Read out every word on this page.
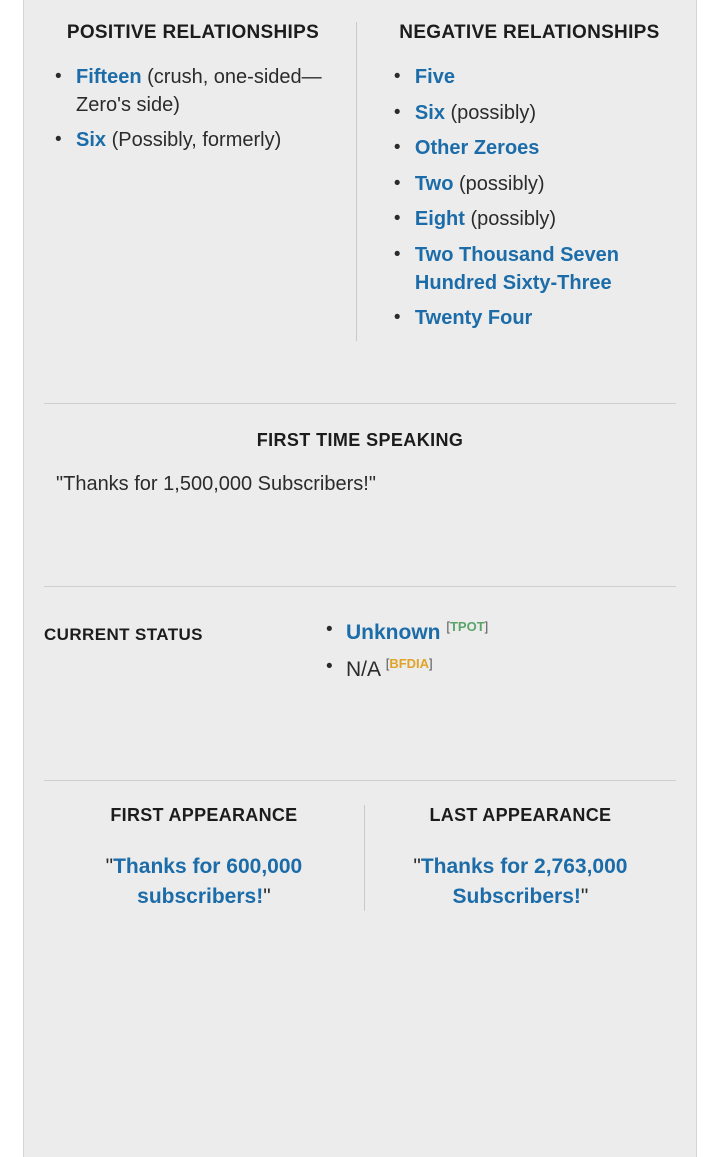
POSITIVE RELATIONSHIPS
• Fifteen (crush, one-sided—Zero's side)
• Six (Possibly, formerly)
NEGATIVE RELATIONSHIPS
• Five
• Six (possibly)
• Other Zeroes
• Two (possibly)
• Eight (possibly)
• Two Thousand Seven Hundred Sixty-Three
• Twenty Four
FIRST TIME SPEAKING
"Thanks for 1,500,000 Subscribers!"
CURRENT STATUS	• Unknown [TPOT]
• N/A [BFDIA]
FIRST APPEARANCE
"Thanks for 600,000 subscribers!"
LAST APPEARANCE
"Thanks for 2,763,000 Subscribers!"
